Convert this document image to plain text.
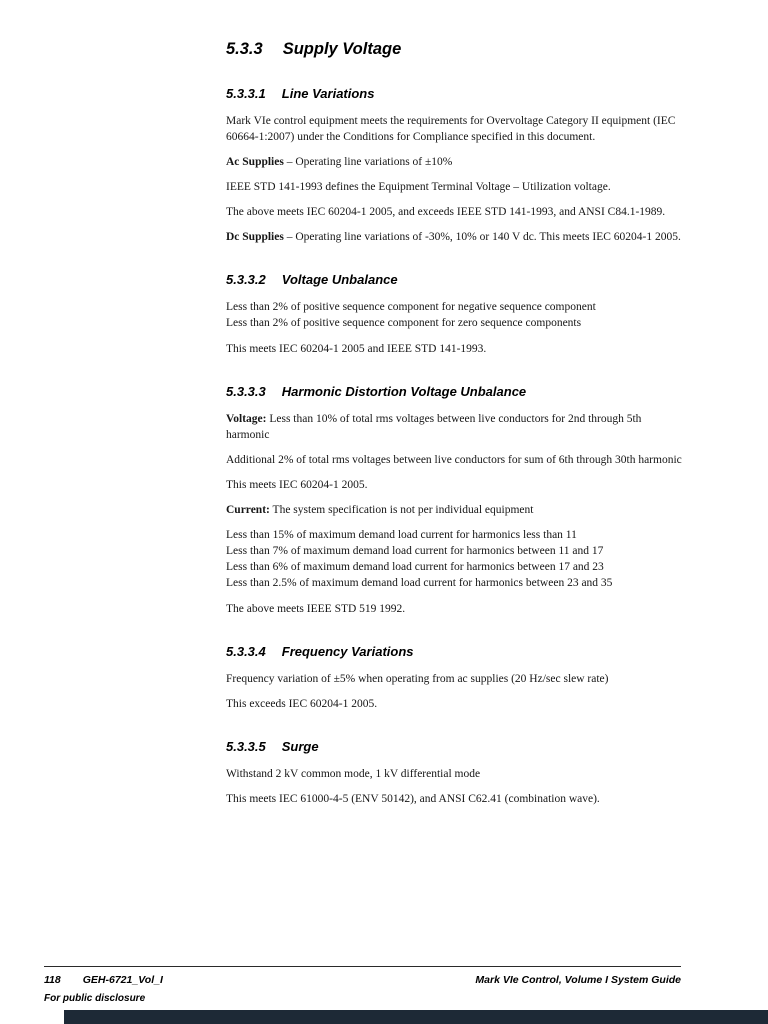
5.3.3 Supply Voltage
5.3.3.1 Line Variations

Mark VIe control equipment meets the requirements for Overvoltage Category II equipment (IEC 60664-1:2007) under the Conditions for Compliance specified in this document.

Ac Supplies – Operating line variations of ±10%

IEEE STD 141-1993 defines the Equipment Terminal Voltage – Utilization voltage.

The above meets IEC 60204-1 2005, and exceeds IEEE STD 141-1993, and ANSI C84.1-1989.

Dc Supplies – Operating line variations of -30%, 10% or 140 V dc. This meets IEC 60204-1 2005.

5.3.3.2 Voltage Unbalance

Less than 2% of positive sequence component for negative sequence component
Less than 2% of positive sequence component for zero sequence components

This meets IEC 60204-1 2005 and IEEE STD 141-1993.

5.3.3.3 Harmonic Distortion Voltage Unbalance

Voltage: Less than 10% of total rms voltages between live conductors for 2nd through 5th harmonic

Additional 2% of total rms voltages between live conductors for sum of 6th through 30th harmonic

This meets IEC 60204-1 2005.

Current: The system specification is not per individual equipment

Less than 15% of maximum demand load current for harmonics less than 11
Less than 7% of maximum demand load current for harmonics between 11 and 17
Less than 6% of maximum demand load current for harmonics between 17 and 23
Less than 2.5% of maximum demand load current for harmonics between 23 and 35

The above meets IEEE STD 519 1992.

5.3.3.4 Frequency Variations

Frequency variation of ±5% when operating from ac supplies (20 Hz/sec slew rate)

This exceeds IEC 60204-1 2005.

5.3.3.5 Surge

Withstand 2 kV common mode, 1 kV differential mode

This meets IEC 61000-4-5 (ENV 50142), and ANSI C62.41 (combination wave).

118 GEH-6721_Vol_I	Mark VIe Control, Volume I System Guide
For public disclosure
